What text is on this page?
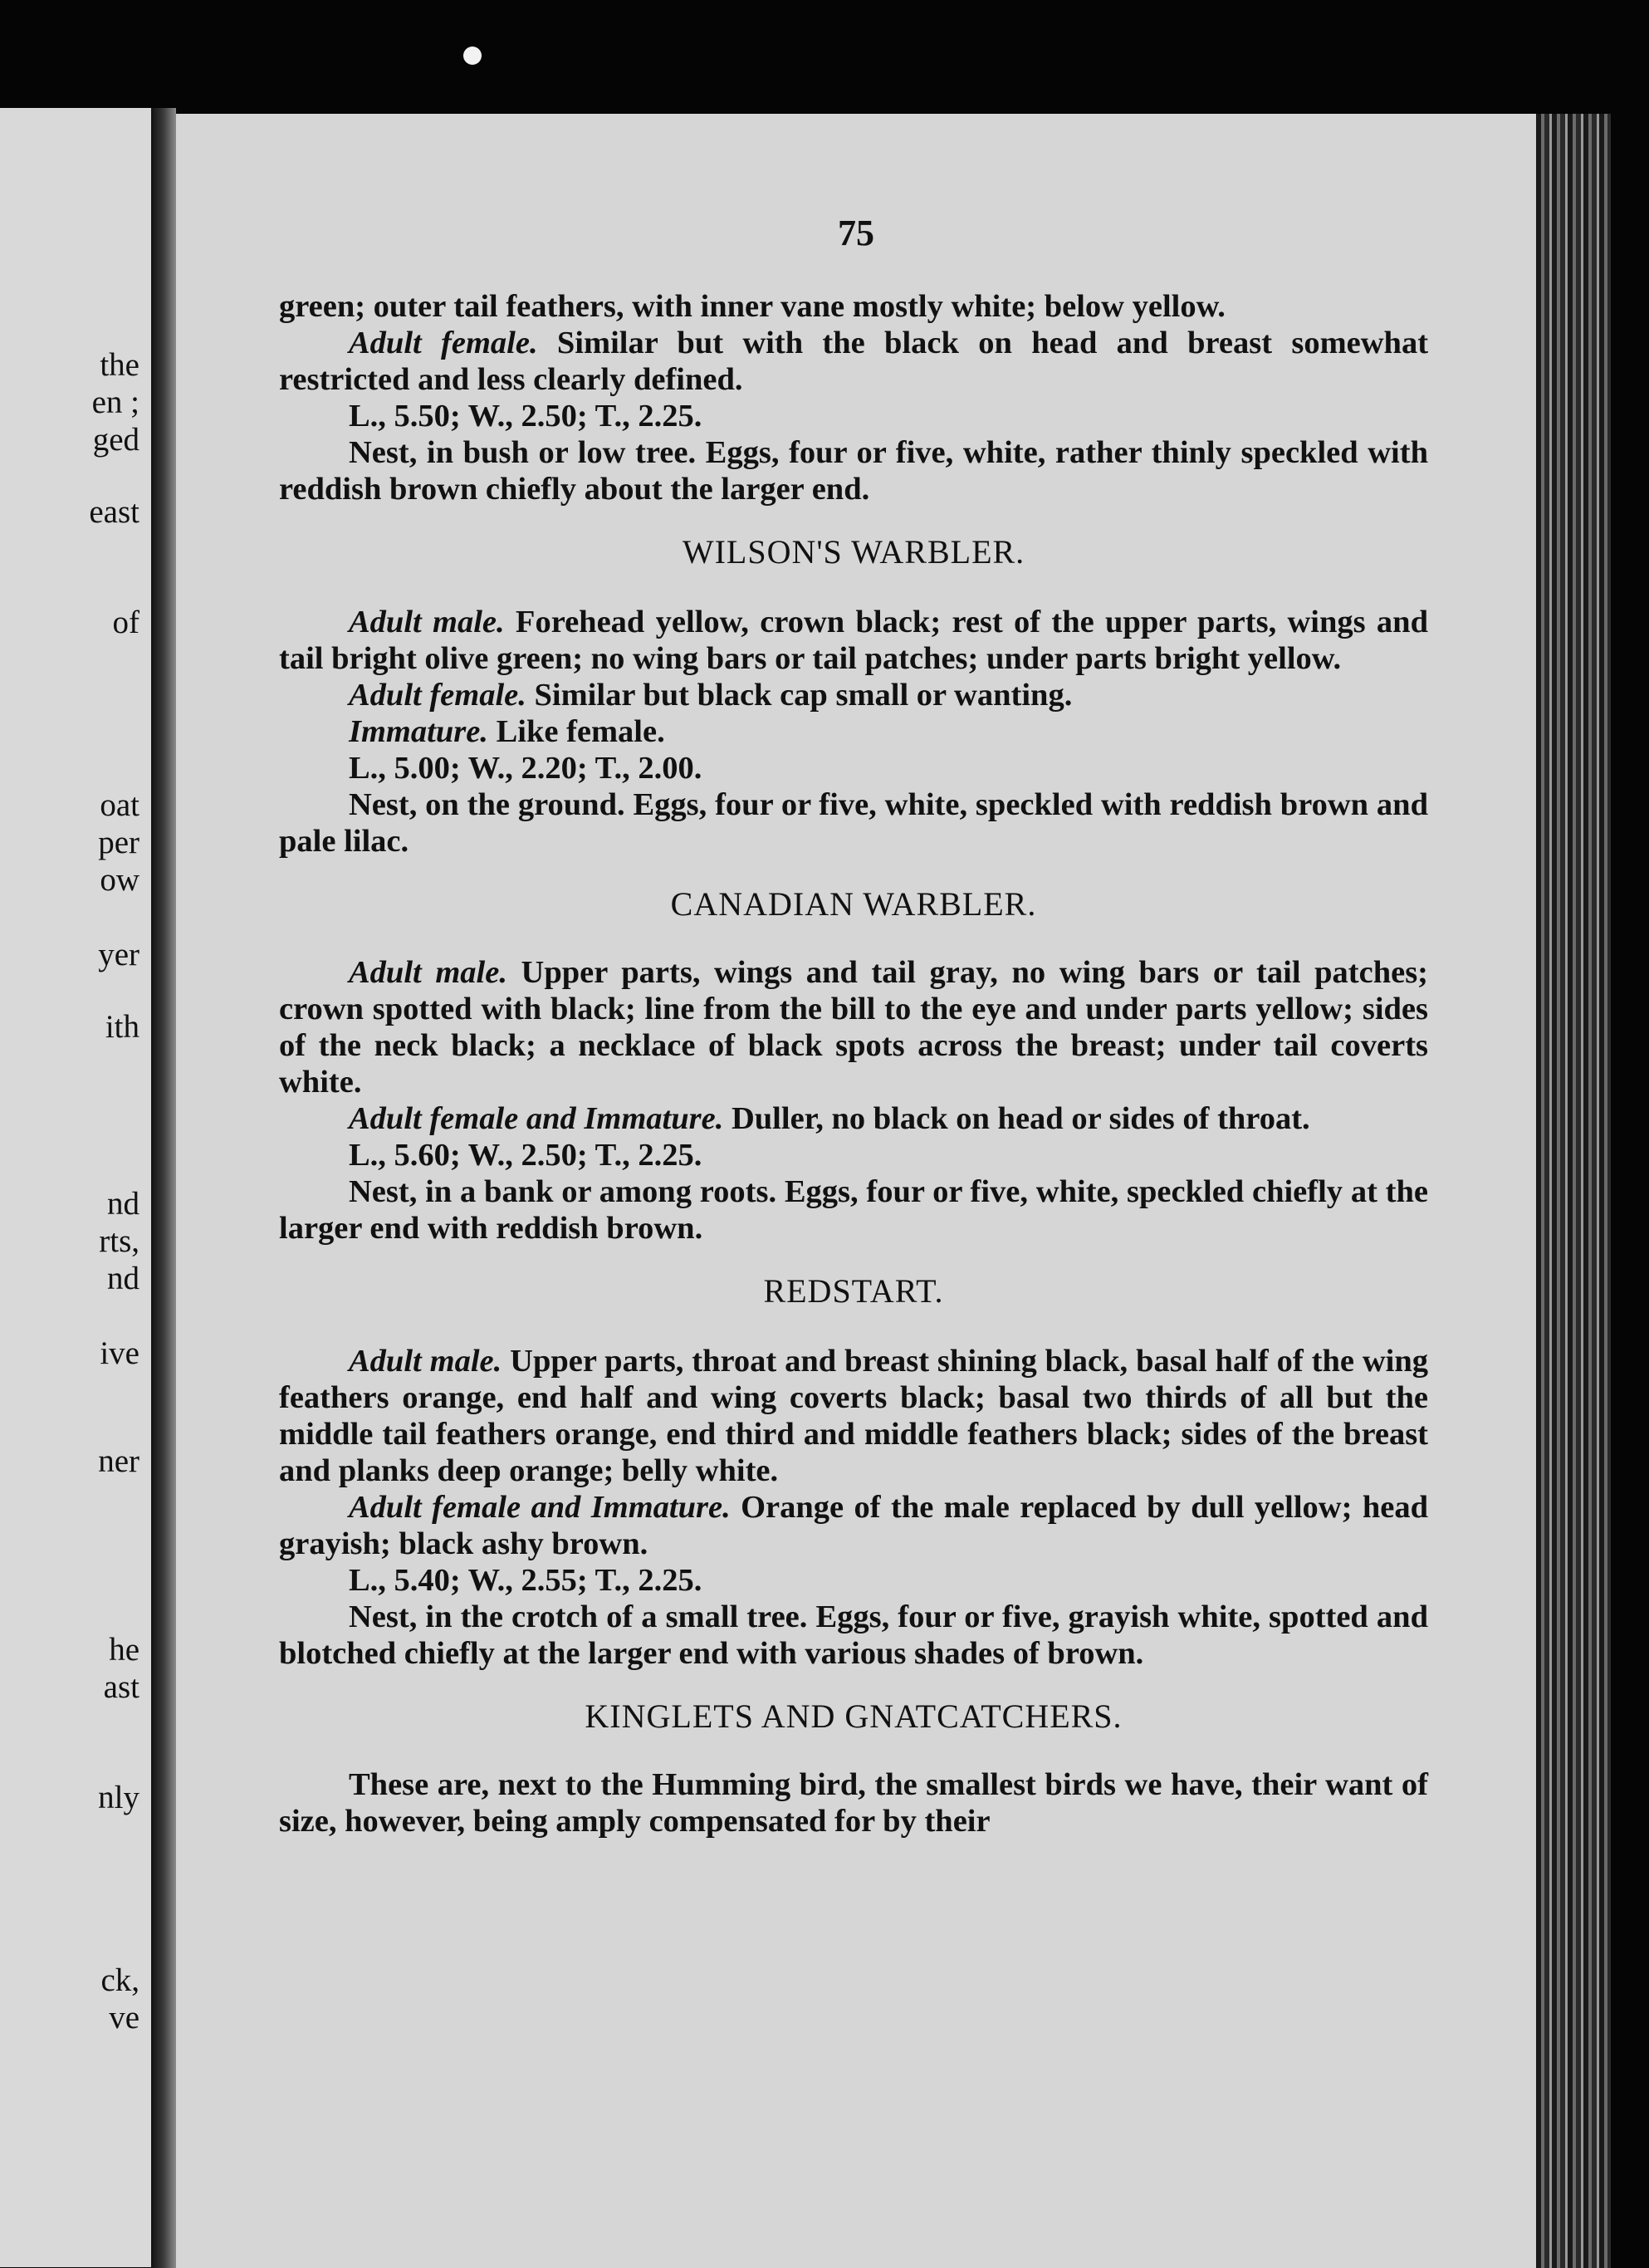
the
en ;
ged
east
of
oat
per
ow
yer
ith
nd
rts,
nd
ive
ner
he
ast
nly
ck,
ve
75

green; outer tail feathers, with inner vane mostly white; below yellow.

Adult female. Similar but with the black on head and breast somewhat restricted and less clearly defined.

L., 5.50; W., 2.50; T., 2.25.

Nest, in bush or low tree. Eggs, four or five, white, rather thinly speckled with reddish brown chiefly about the larger end.

WILSON'S WARBLER.

Adult male. Forehead yellow, crown black; rest of the upper parts, wings and tail bright olive green; no wing bars or tail patches; under parts bright yellow.

Adult female. Similar but black cap small or wanting.

Immature. Like female.

L., 5.00; W., 2.20; T., 2.00.

Nest, on the ground. Eggs, four or five, white, speckled with reddish brown and pale lilac.

CANADIAN WARBLER.

Adult male. Upper parts, wings and tail gray, no wing bars or tail patches; crown spotted with black; line from the bill to the eye and under parts yellow; sides of the neck black; a necklace of black spots across the breast; under tail coverts white.

Adult female and Immature. Duller, no black on head or sides of throat.

L., 5.60; W., 2.50; T., 2.25.

Nest, in a bank or among roots. Eggs, four or five, white, speckled chiefly at the larger end with reddish brown.

REDSTART.

Adult male. Upper parts, throat and breast shining black, basal half of the wing feathers orange, end half and wing coverts black; basal two thirds of all but the middle tail feathers orange, end third and middle feathers black; sides of the breast and planks deep orange; belly white.

Adult female and Immature. Orange of the male replaced by dull yellow; head grayish; black ashy brown.

L., 5.40; W., 2.55; T., 2.25.

Nest, in the crotch of a small tree. Eggs, four or five, grayish white, spotted and blotched chiefly at the larger end with various shades of brown.

KINGLETS AND GNATCATCHERS.

These are, next to the Humming bird, the smallest birds we have, their want of size, however, being amply compensated for by their
